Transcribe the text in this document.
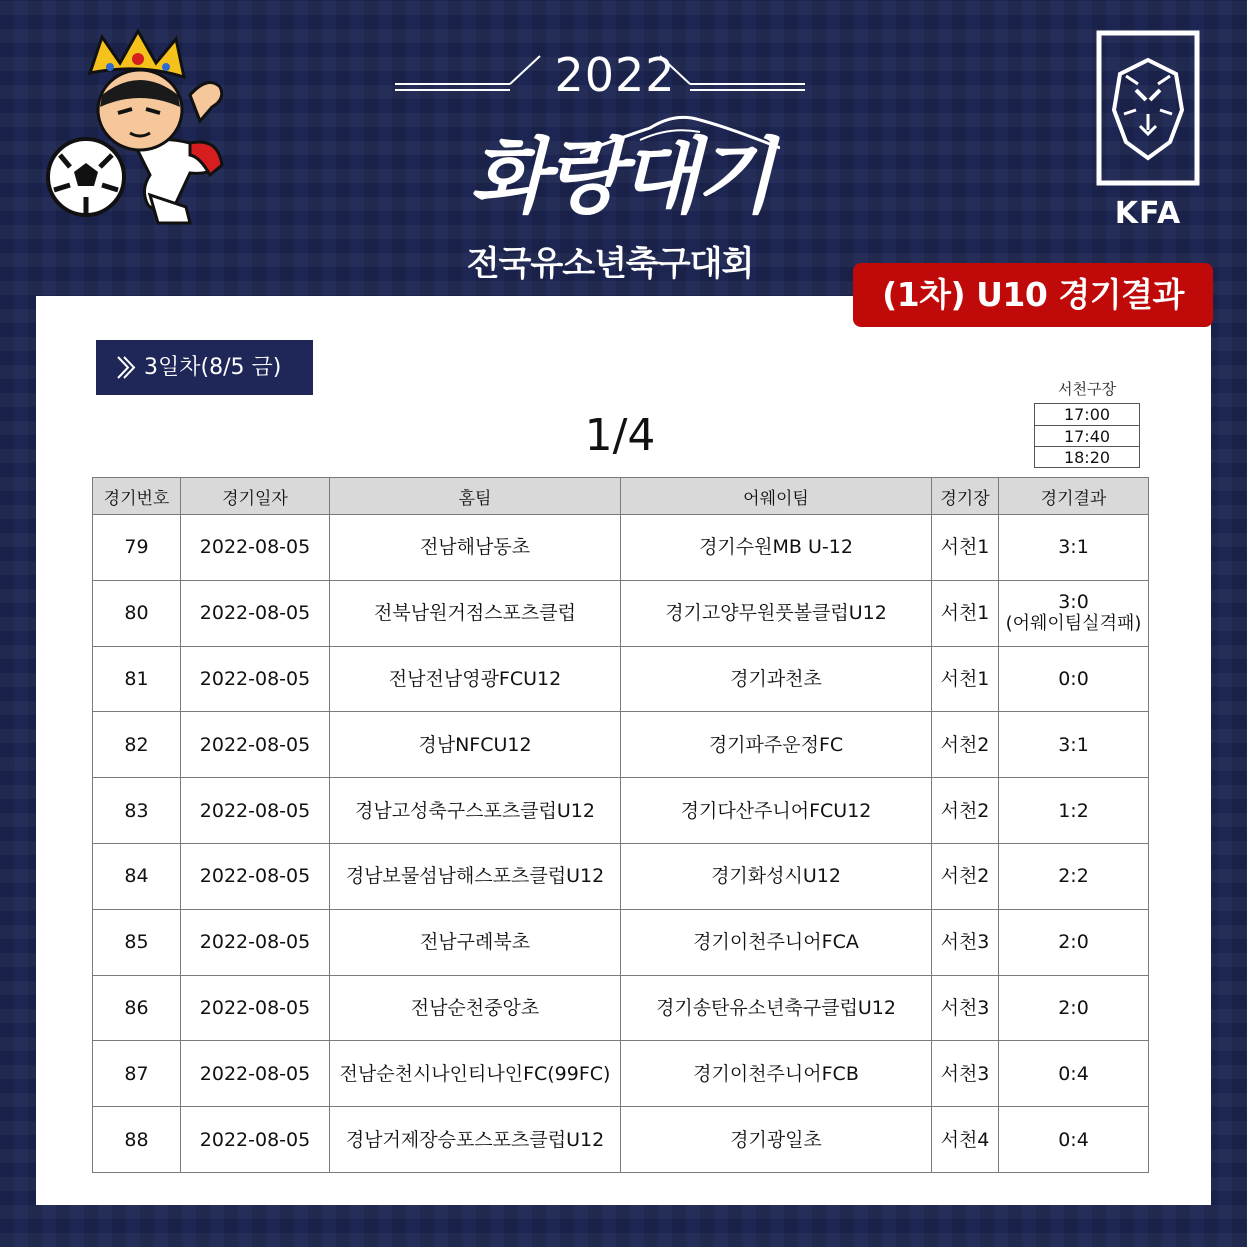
2022
화랑대기
전국유소년축구대회
KFA
(1차) U10 경기결과
3일차(8/5 금)
1/4
서천구장
17:00
17:40
18:20
경기번호	경기일자	홈팀	어웨이팀	경기장	경기결과
79	2022-08-05	전남해남동초	경기수원MB U-12	서천1	3:1
80	2022-08-05	전북남원거점스포츠클럽	경기고양무원풋볼클럽U12	서천1	3:0
(어웨이팀실격패)

81	2022-08-05	전남전남영광FCU12	경기과천초	서천1	0:0
82	2022-08-05	경남NFCU12	경기파주운정FC	서천2	3:1
83	2022-08-05	경남고성축구스포츠클럽U12	경기다산주니어FCU12	서천2	1:2
84	2022-08-05	경남보물섬남해스포츠클럽U12	경기화성시U12	서천2	2:2
85	2022-08-05	전남구례북초	경기이천주니어FCA	서천3	2:0
86	2022-08-05	전남순천중앙초	경기송탄유소년축구클럽U12	서천3	2:0
87	2022-08-05	전남순천시나인티나인FC(99FC)	경기이천주니어FCB	서천3	0:4
88	2022-08-05	경남거제장승포스포츠클럽U12	경기광일초	서천4	0:4
